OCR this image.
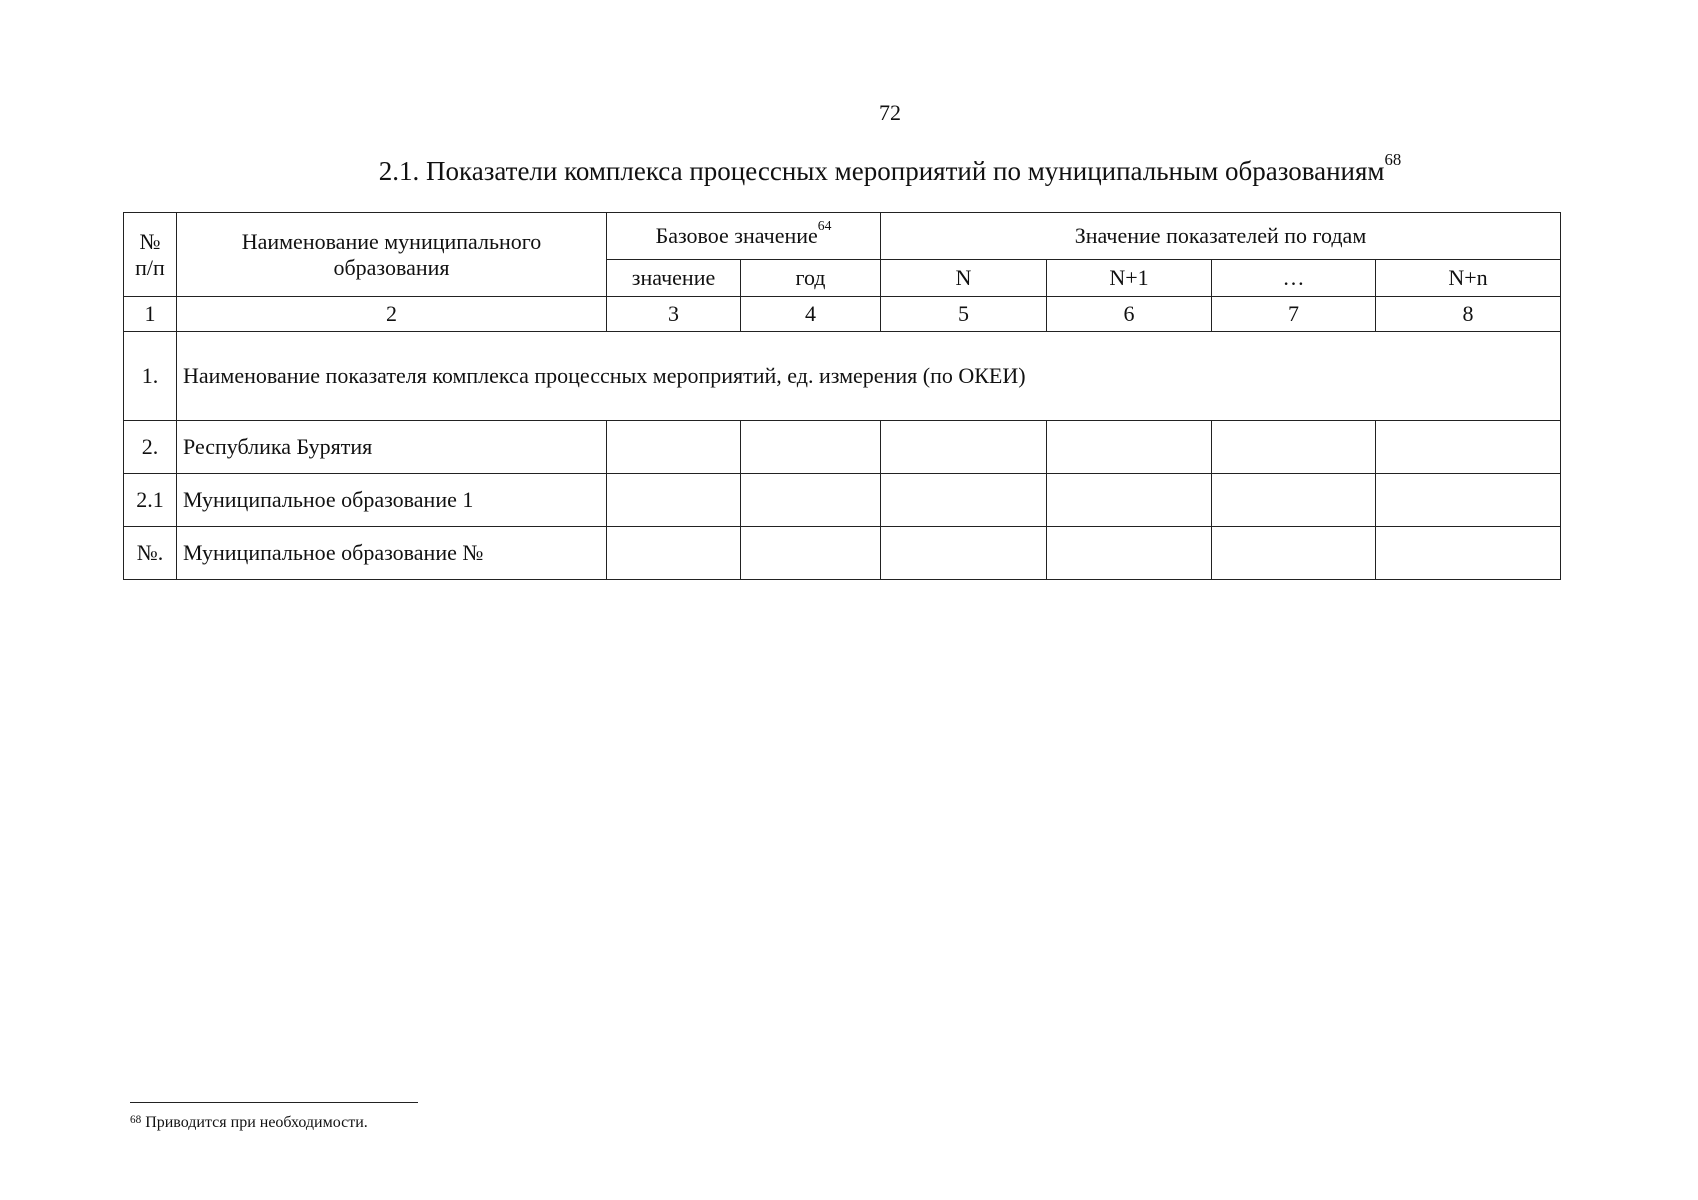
72
2.1. Показатели комплекса процессных мероприятий по муниципальным образованиям$^{68}$
№ п/п	Наименование муниципального образования	Базовое значение$^{64}$		Значение показателей по годам			
		значение	год	N	N+1	…	N+n
1	2	3	4	5	6	7	8
1.	Наименование показателя комплекса процессных мероприятий, ед. измерения (по ОКЕИ)						
2.	Республика Бурятия						
2.1	Муниципальное образование 1						
№.	Муниципальное образование №						
$^{68}$ Приводится при необходимости.
